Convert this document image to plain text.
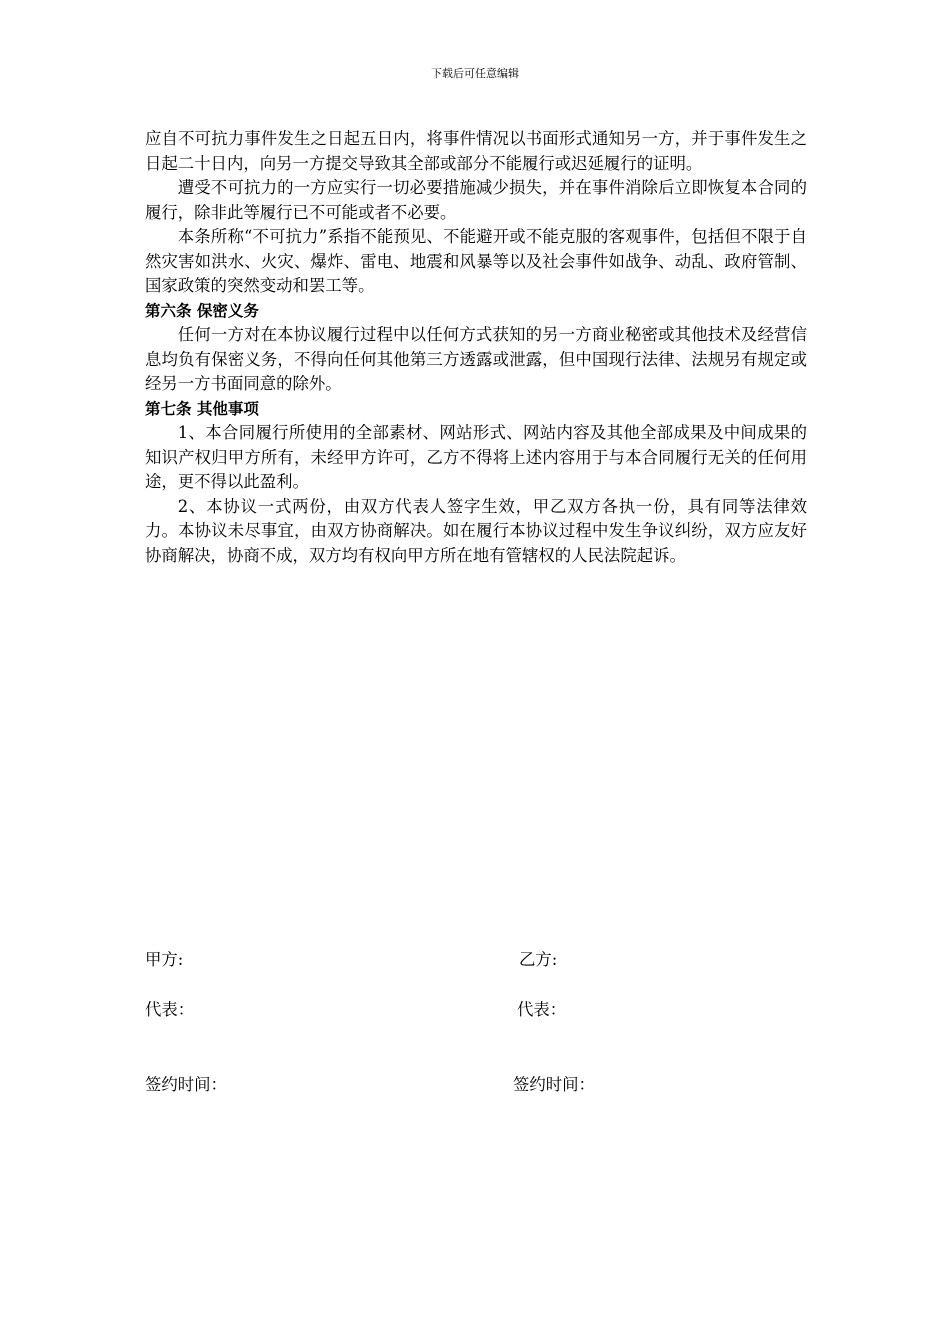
下载后可任意编辑

应自不可抗力事件发生之日起五日内，将事件情况以书面形式通知另一方，并于事件发生之日起二十日内，向另一方提交导致其全部或部分不能履行或迟延履行的证明。

遭受不可抗力的一方应实行一切必要措施减少损失，并在事件消除后立即恢复本合同的履行，除非此等履行已不可能或者不必要。

本条所称“不可抗力”系指不能预见、不能避开或不能克服的客观事件，包括但不限于自然灾害如洪水、火灾、爆炸、雷电、地震和风暴等以及社会事件如战争、动乱、政府管制、国家政策的突然变动和罢工等。

第六条 保密义务

任何一方对在本协议履行过程中以任何方式获知的另一方商业秘密或其他技术及经营信息均负有保密义务，不得向任何其他第三方透露或泄露，但中国现行法律、法规另有规定或经另一方书面同意的除外。

第七条 其他事项

1、本合同履行所使用的全部素材、网站形式、网站内容及其他全部成果及中间成果的知识产权归甲方所有，未经甲方许可，乙方不得将上述内容用于与本合同履行无关的任何用途，更不得以此盈利。

2、本协议一式两份，由双方代表人签字生效，甲乙双方各执一份，具有同等法律效力。本协议未尽事宜，由双方协商解决。如在履行本协议过程中发生争议纠纷，双方应友好协商解决，协商不成，双方均有权向甲方所在地有管辖权的人民法院起诉。

甲方:	乙方:
代表：	代表：
签约时间：	签约时间：
